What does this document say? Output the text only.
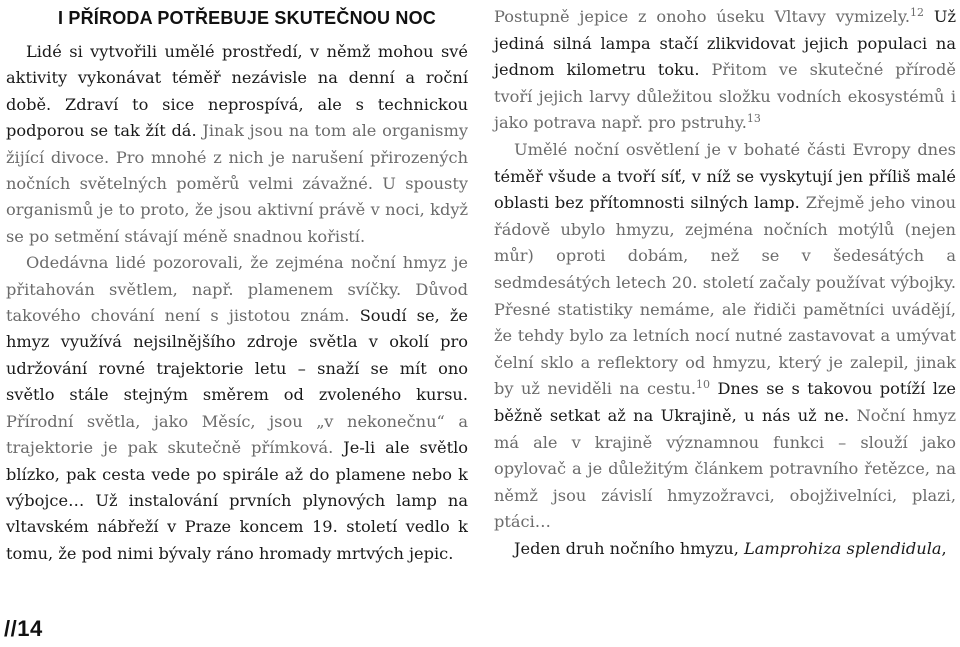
I PŘÍRODA POTŘEBUJE SKUTEČNOU NOC

Lidé si vytvořili umělé prostředí, v němž mohou své aktivity vykonávat téměř nezávisle na denní a roční době. Zdraví to sice neprospívá, ale s technickou podporou se tak žít dá. Jinak jsou na tom ale organismy žijící divoce. Pro mnohé z nich je narušení přirozených nočních světelných poměrů velmi závažné. U spousty organismů je to proto, že jsou aktivní právě v noci, když se po setmění stávají méně snadnou kořistí.

Odedávna lidé pozorovali, že zejména noční hmyz je přitahován světlem, např. plamenem svíčky. Důvod takového chování není s jistotou znám. Soudí se, že hmyz využívá nejsilnějšího zdroje světla v okolí pro udržování rovné trajektorie letu – snaží se mít ono světlo stále stejným směrem od zvoleného kursu. Přírodní světla, jako Měsíc, jsou „v nekonečnu“ a trajektorie je pak skutečně přímková. Je-li ale světlo blízko, pak cesta vede po spirále až do plamene nebo k výbojce… Už instalování prvních plynových lamp na vltavském nábřeží v Praze koncem 19. století vedlo k tomu, že pod nimi bývaly ráno hromady mrtvých jepic.

Postupně jepice z onoho úseku Vltavy vymizely.$^{12}$ Už jediná silná lampa stačí zlikvidovat jejich populaci na jednom kilometru toku. Přitom ve skutečné přírodě tvoří jejich larvy důležitou složku vodních ekosystémů i jako potrava např. pro pstruhy.$^{13}$

Umělé noční osvětlení je v bohaté části Evropy dnes téměř všude a tvoří síť, v níž se vyskytují jen příliš malé oblasti bez přítomnosti silných lamp. Zřejmě jeho vinou řádově ubylo hmyzu, zejména nočních motýlů (nejen můr) oproti dobám, než se v šedesátých a sedmdesátých letech 20. století začaly používat výbojky. Přesné statistiky nemáme, ale řidiči pamětníci uvádějí, že tehdy bylo za letních nocí nutné zastavovat a umývat čelní sklo a reflektory od hmyzu, který je zalepil, jinak by už neviděli na cestu.$^{10}$ Dnes se s takovou potíží lze běžně setkat až na Ukrajině, u nás už ne. Noční hmyz má ale v krajině významnou funkci – slouží jako opylovač a je důležitým článkem potravního řetězce, na němž jsou závislí hmyzožravci, obojživelníci, plazi, ptáci…

Jeden druh nočního hmyzu, Lamprohiza splendidula,

//14
